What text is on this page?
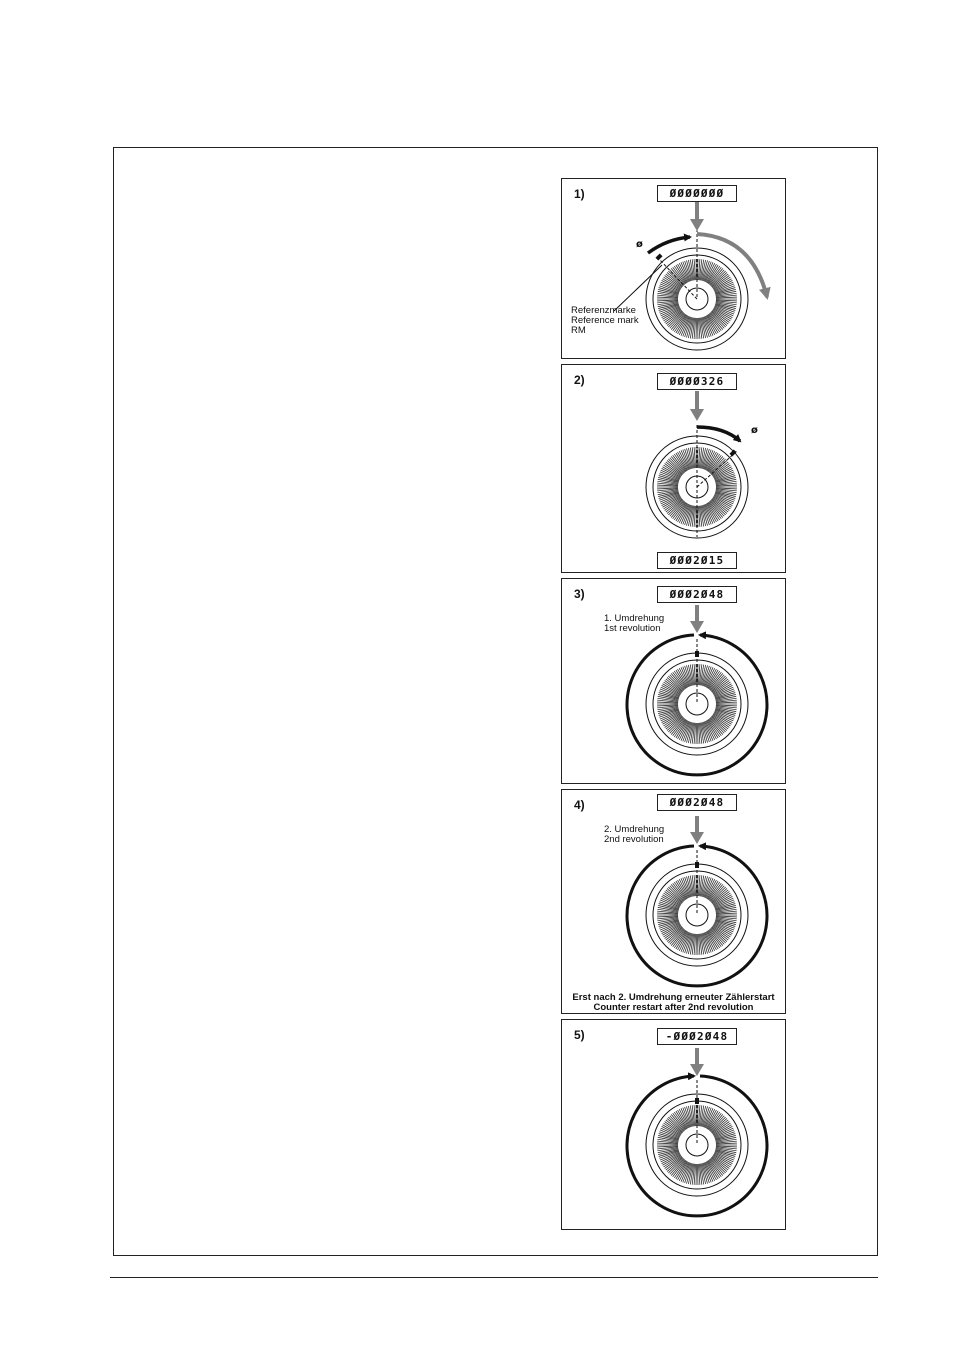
1)	ØØØØØØØ
ø
Referenzmarke
Reference mark
RM
2)	ØØØØ326
ø
ØØØ2Ø15
3)	ØØØ2Ø48
1. Umdrehung
1st revolution
4)	ØØØ2Ø48
2. Umdrehung
2nd revolution
Erst nach 2. Umdrehung erneuter Zählerstart
Counter restart after 2nd revolution
5)	-ØØØ2Ø48
